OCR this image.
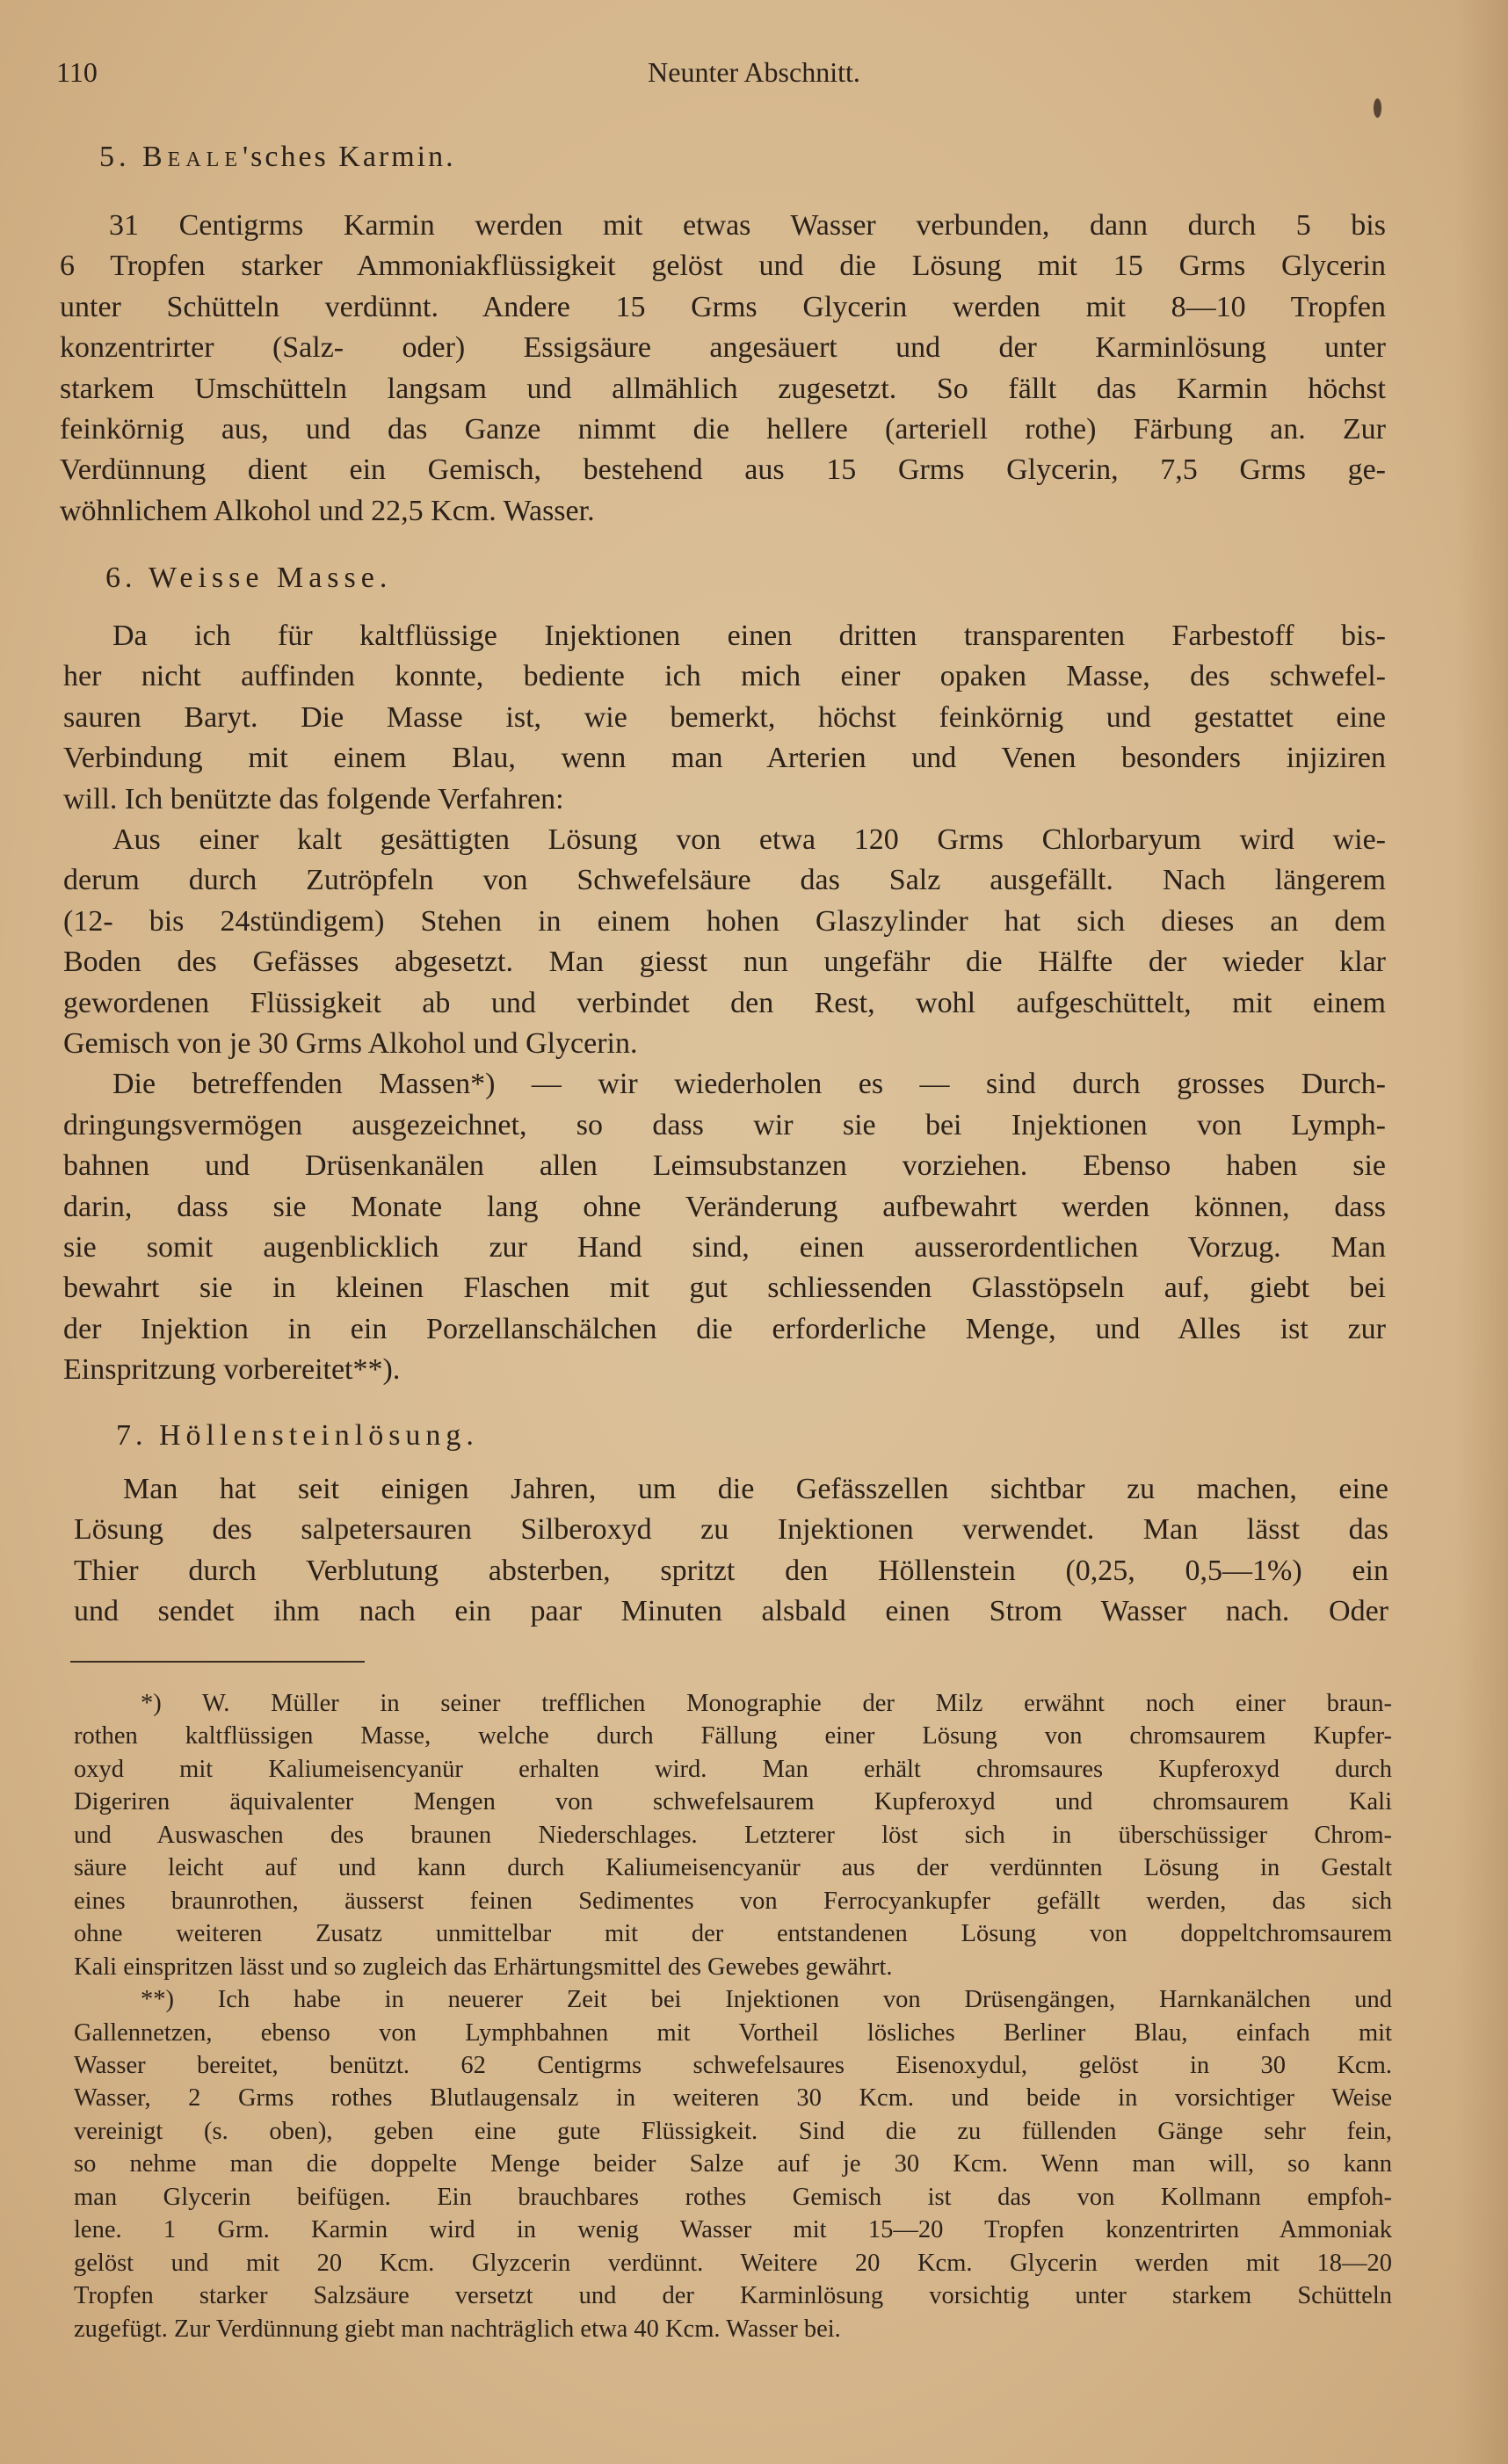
110	Neunter Abschnitt.
5. Beale'sches Karmin.
31 Centigrms Karmin werden mit etwas Wasser verbunden, dann durch 5 bis
6 Tropfen starker Ammoniakflüssigkeit gelöst und die Lösung mit 15 Grms Glycerin
unter Schütteln verdünnt. Andere 15 Grms Glycerin werden mit 8—10 Tropfen
konzentrirter (Salz- oder) Essigsäure angesäuert und der Karminlösung unter
starkem Umschütteln langsam und allmählich zugesetzt. So fällt das Karmin höchst
feinkörnig aus, und das Ganze nimmt die hellere (arteriell rothe) Färbung an. Zur
Verdünnung dient ein Gemisch, bestehend aus 15 Grms Glycerin, 7,5 Grms ge-
wöhnlichem Alkohol und 22,5 Kcm. Wasser.
6. Weisse Masse.
Da ich für kaltflüssige Injektionen einen dritten transparenten Farbestoff bis-
her nicht auffinden konnte, bediente ich mich einer opaken Masse, des schwefel-
sauren Baryt. Die Masse ist, wie bemerkt, höchst feinkörnig und gestattet eine
Verbindung mit einem Blau, wenn man Arterien und Venen besonders injiziren
will. Ich benützte das folgende Verfahren:
Aus einer kalt gesättigten Lösung von etwa 120 Grms Chlorbaryum wird wie-
derum durch Zutröpfeln von Schwefelsäure das Salz ausgefällt. Nach längerem
(12- bis 24stündigem) Stehen in einem hohen Glaszylinder hat sich dieses an dem
Boden des Gefässes abgesetzt. Man giesst nun ungefähr die Hälfte der wieder klar
gewordenen Flüssigkeit ab und verbindet den Rest, wohl aufgeschüttelt, mit einem
Gemisch von je 30 Grms Alkohol und Glycerin.
Die betreffenden Massen*) — wir wiederholen es — sind durch grosses Durch-
dringungsvermögen ausgezeichnet, so dass wir sie bei Injektionen von Lymph-
bahnen und Drüsenkanälen allen Leimsubstanzen vorziehen. Ebenso haben sie
darin, dass sie Monate lang ohne Veränderung aufbewahrt werden können, dass
sie somit augenblicklich zur Hand sind, einen ausserordentlichen Vorzug. Man
bewahrt sie in kleinen Flaschen mit gut schliessenden Glasstöpseln auf, giebt bei
der Injektion in ein Porzellanschälchen die erforderliche Menge, und Alles ist zur
Einspritzung vorbereitet**).
7. Höllensteinlösung.
Man hat seit einigen Jahren, um die Gefässzellen sichtbar zu machen, eine
Lösung des salpetersauren Silberoxyd zu Injektionen verwendet. Man lässt das
Thier durch Verblutung absterben, spritzt den Höllenstein (0,25, 0,5—1%) ein
und sendet ihm nach ein paar Minuten alsbald einen Strom Wasser nach. Oder
*) W. Müller in seiner trefflichen Monographie der Milz erwähnt noch einer braun-
rothen kaltflüssigen Masse, welche durch Fällung einer Lösung von chromsaurem Kupfer-
oxyd mit Kaliumeisencyanür erhalten wird. Man erhält chromsaures Kupferoxyd durch
Digeriren äquivalenter Mengen von schwefelsaurem Kupferoxyd und chromsaurem Kali
und Auswaschen des braunen Niederschlages. Letzterer löst sich in überschüssiger Chrom-
säure leicht auf und kann durch Kaliumeisencyanür aus der verdünnten Lösung in Gestalt
eines braunrothen, äusserst feinen Sedimentes von Ferrocyankupfer gefällt werden, das sich
ohne weiteren Zusatz unmittelbar mit der entstandenen Lösung von doppeltchromsaurem
Kali einspritzen lässt und so zugleich das Erhärtungsmittel des Gewebes gewährt.
**) Ich habe in neuerer Zeit bei Injektionen von Drüsengängen, Harnkanälchen und
Gallennetzen, ebenso von Lymphbahnen mit Vortheil lösliches Berliner Blau, einfach mit
Wasser bereitet, benützt. 62 Centigrms schwefelsaures Eisenoxydul, gelöst in 30 Kcm.
Wasser, 2 Grms rothes Blutlaugensalz in weiteren 30 Kcm. und beide in vorsichtiger Weise
vereinigt (s. oben), geben eine gute Flüssigkeit. Sind die zu füllenden Gänge sehr fein,
so nehme man die doppelte Menge beider Salze auf je 30 Kcm. Wenn man will, so kann
man Glycerin beifügen. Ein brauchbares rothes Gemisch ist das von Kollmann empfoh-
lene. 1 Grm. Karmin wird in wenig Wasser mit 15—20 Tropfen konzentrirten Ammoniak
gelöst und mit 20 Kcm. Glyzcerin verdünnt. Weitere 20 Kcm. Glycerin werden mit 18—20
Tropfen starker Salzsäure versetzt und der Karminlösung vorsichtig unter starkem Schütteln
zugefügt. Zur Verdünnung giebt man nachträglich etwa 40 Kcm. Wasser bei.
